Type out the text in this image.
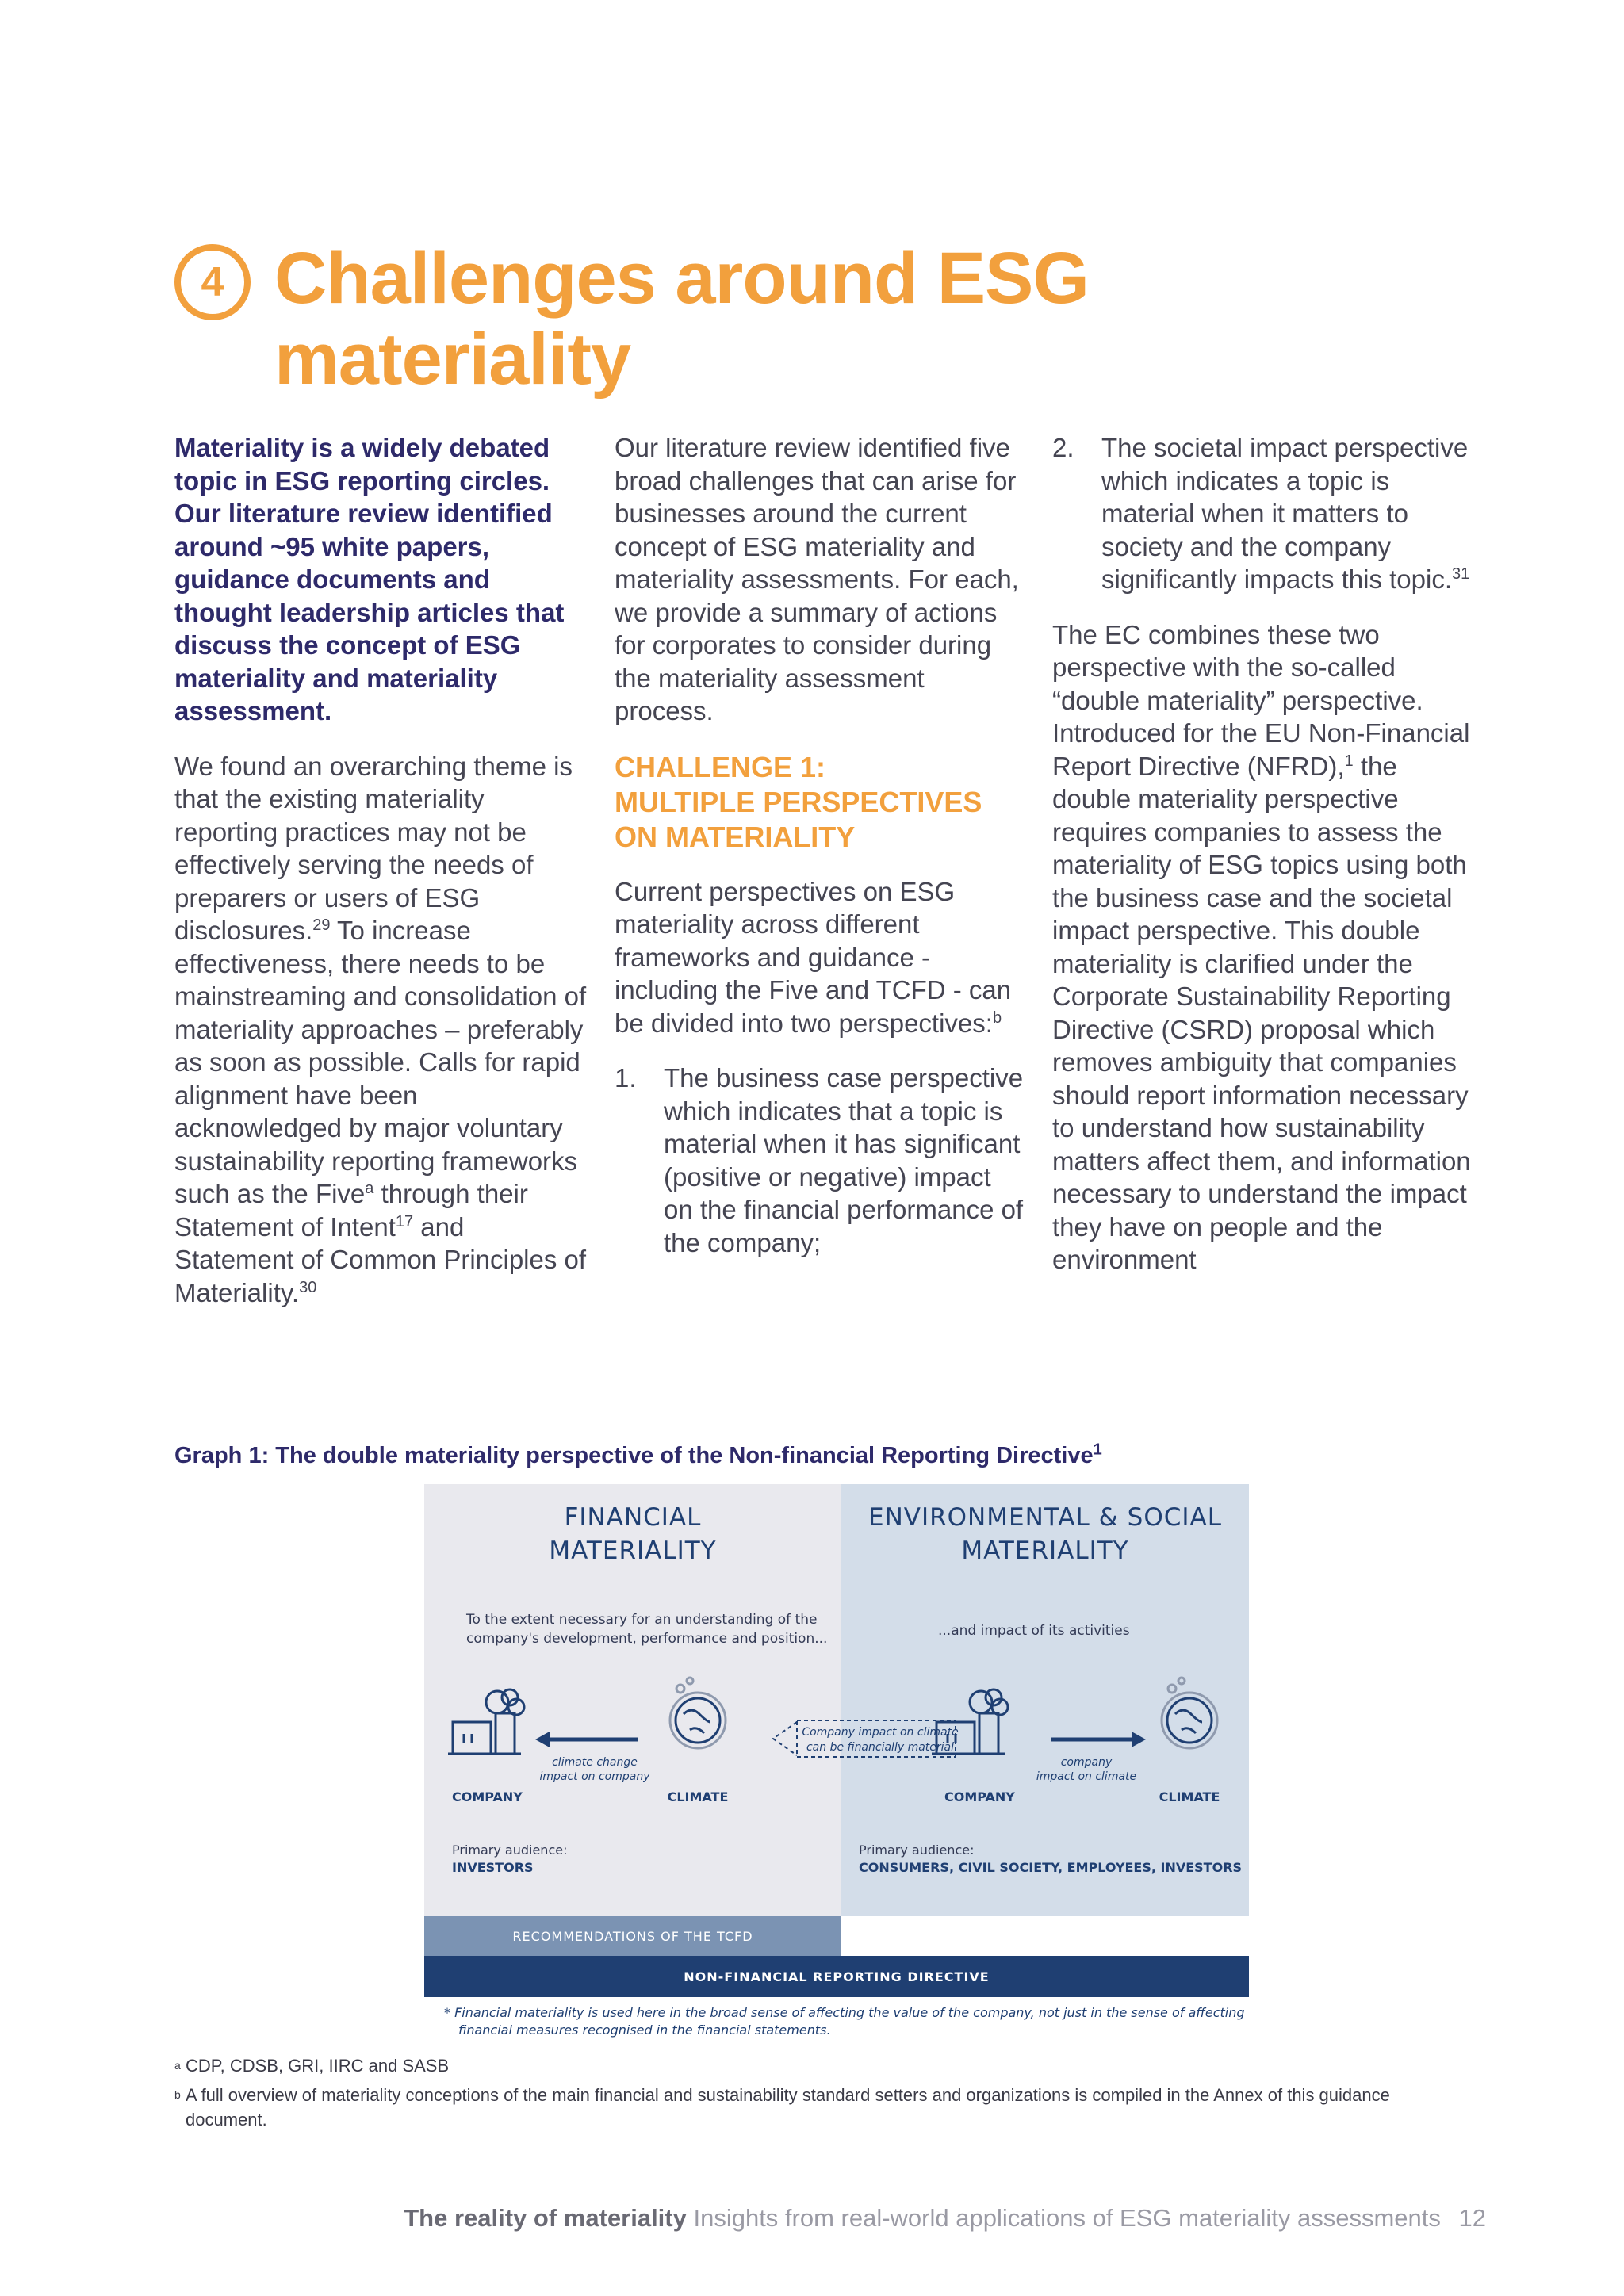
4 Challenges around ESG
materiality

Materiality is a widely debated topic in ESG reporting circles. Our literature review identified around ~95 white papers, guidance documents and thought leadership articles that discuss the concept of ESG materiality and materiality assessment.

We found an overarching theme is that the existing materiality reporting practices may not be effectively serving the needs of preparers or users of ESG disclosures.$^{29}$ To increase effectiveness, there needs to be mainstreaming and consolidation of materiality approaches – preferably as soon as possible. Calls for rapid alignment have been acknowledged by major voluntary sustainability reporting frameworks such as the Five$^a$ through their Statement of Intent$^{17}$ and Statement of Common Principles of Materiality.$^{30}$

Our literature review identified five broad challenges that can arise for businesses around the current concept of ESG materiality and materiality assessments. For each, we provide a summary of actions for corporates to consider during the materiality assessment process.

CHALLENGE 1:
MULTIPLE PERSPECTIVES
ON MATERIALITY

Current perspectives on ESG materiality across different frameworks and guidance - including the Five and TCFD - can be divided into two perspectives:$^b$

1.	The business case perspective which indicates that a topic is material when it has significant (positive or negative) impact on the financial performance of the company;
2.	The societal impact perspective which indicates a topic is material when it matters to society and the company significantly impacts this topic.$^{31}$

The EC combines these two perspective with the so-called “double materiality” perspective. Introduced for the EU Non-Financial Report Directive (NFRD),$^1$ the double materiality perspective requires companies to assess the materiality of ESG topics using both the business case and the societal impact perspective. This double materiality is clarified under the Corporate Sustainability Reporting Directive (CSRD) proposal which removes ambiguity that companies should report information necessary to understand how sustainability matters affect them, and information necessary to understand the impact they have on people and the environment

Graph 1: The double materiality perspective of the Non-financial Reporting Directive$^1$
FINANCIAL
MATERIALITY
ENVIRONMENTAL & SOCIAL
MATERIALITY
To the extent necessary for an understanding of the
company's development, performance and position...	...and impact of its activities
COMPANY
climate change
impact on company
CLIMATE
Company impact on climate
can be financially material
COMPANY
company
impact on climate
CLIMATE
Primary audience:
INVESTORS
Primary audience:
CONSUMERS, CIVIL SOCIETY, EMPLOYEES, INVESTORS
RECOMMENDATIONS OF THE TCFD
NON-FINANCIAL REPORTING DIRECTIVE
* Financial materiality is used here in the broad sense of affecting the value of the company, not just in the sense of affecting
financial measures recognised in the financial statements.
a CDP, CDSB, GRI, IIRC and SASB
b A full overview of materiality conceptions of the main financial and sustainability standard setters and organizations is compiled in the Annex of this guidance document.
The reality of materiality Insights from real-world applications of ESG materiality assessments 12
